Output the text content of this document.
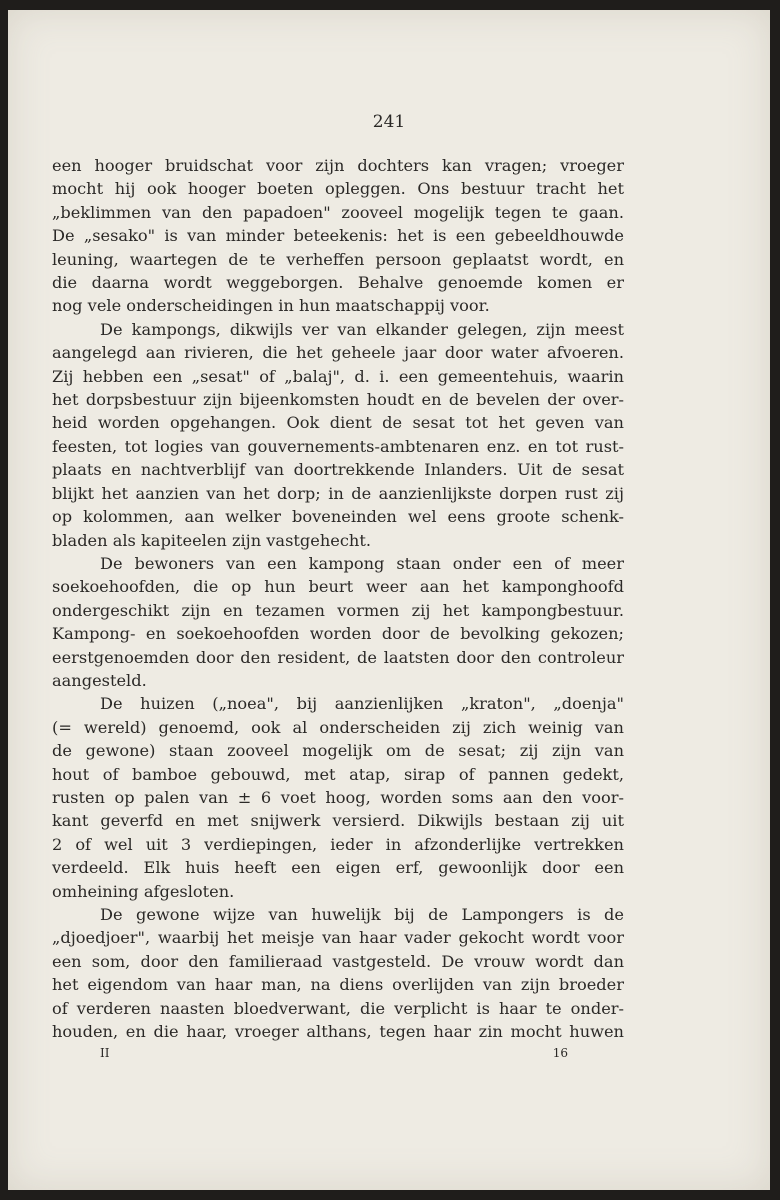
241
een hooger bruidschat voor zijn dochters kan vragen; vroeger
mocht hij ook hooger boeten opleggen. Ons bestuur tracht het
„beklimmen van den papadoen" zooveel mogelijk tegen te gaan.
De „sesako" is van minder beteekenis: het is een gebeeldhouwde
leuning, waartegen de te verheffen persoon geplaatst wordt, en
die daarna wordt weggeborgen. Behalve genoemde komen er
nog vele onderscheidingen in hun maatschappij voor.
De kampongs, dikwijls ver van elkander gelegen, zijn meest
aangelegd aan rivieren, die het geheele jaar door water afvoeren.
Zij hebben een „sesat" of „balaj", d. i. een gemeentehuis, waarin
het dorpsbestuur zijn bijeenkomsten houdt en de bevelen der over-
heid worden opgehangen. Ook dient de sesat tot het geven van
feesten, tot logies van gouvernements-ambtenaren enz. en tot rust-
plaats en nachtverblijf van doortrekkende Inlanders. Uit de sesat
blijkt het aanzien van het dorp; in de aanzienlijkste dorpen rust zij
op kolommen, aan welker boveneinden wel eens groote schenk-
bladen als kapiteelen zijn vastgehecht.
De bewoners van een kampong staan onder een of meer
soekoehoofden, die op hun beurt weer aan het kamponghoofd
ondergeschikt zijn en tezamen vormen zij het kampongbestuur.
Kampong- en soekoehoofden worden door de bevolking gekozen;
eerstgenoemden door den resident, de laatsten door den controleur
aangesteld.
De huizen („noea", bij aanzienlijken „kraton", „doenja"
(= wereld) genoemd, ook al onderscheiden zij zich weinig van
de gewone) staan zooveel mogelijk om de sesat; zij zijn van
hout of bamboe gebouwd, met atap, sirap of pannen gedekt,
rusten op palen van ± 6 voet hoog, worden soms aan den voor-
kant geverfd en met snijwerk versierd. Dikwijls bestaan zij uit
2 of wel uit 3 verdiepingen, ieder in afzonderlijke vertrekken
verdeeld. Elk huis heeft een eigen erf, gewoonlijk door een
omheining afgesloten.
De gewone wijze van huwelijk bij de Lampongers is de
„djoedjoer", waarbij het meisje van haar vader gekocht wordt voor
een som, door den familieraad vastgesteld. De vrouw wordt dan
het eigendom van haar man, na diens overlijden van zijn broeder
of verderen naasten bloedverwant, die verplicht is haar te onder-
houden, en die haar, vroeger althans, tegen haar zin mocht huwen
II	16
